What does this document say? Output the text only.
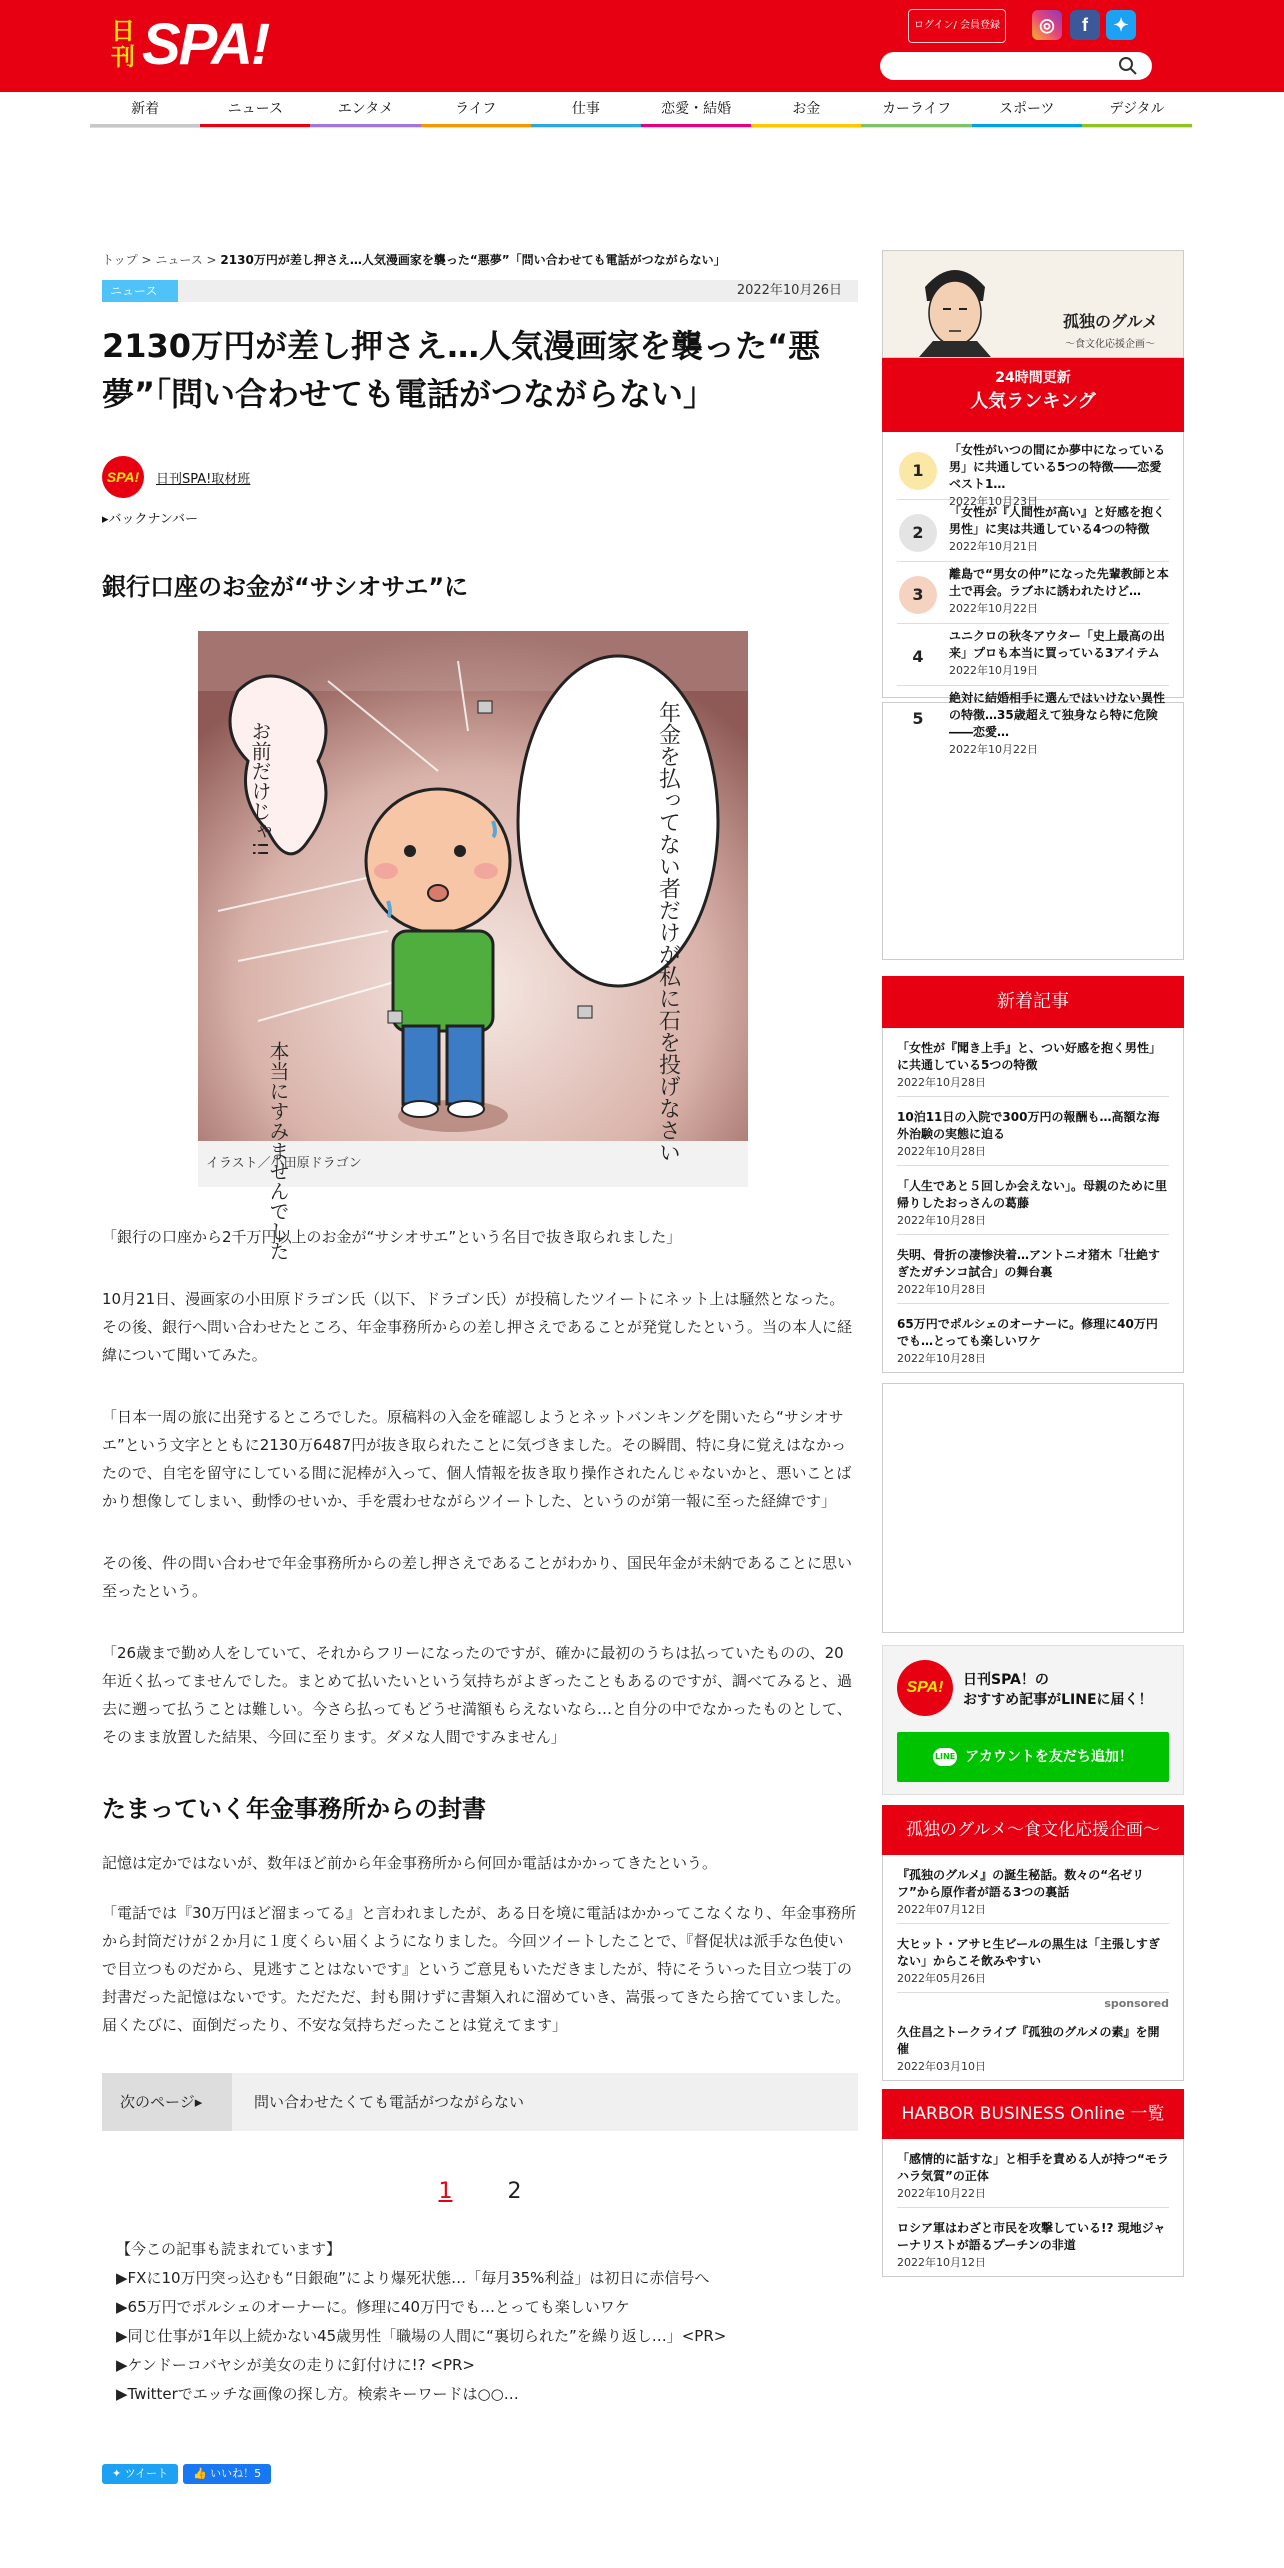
日刊 SPA!	ログイン/ 会員登録	◎	f	✦
新着	ニュース	エンタメ	ライフ	仕事	恋愛・結婚	お金	カーライフ	スポーツ	デジタル
トップ > ニュース > 2130万円が差し押さえ…人気漫画家を襲った“悪夢”「問い合わせても電話がつながらない」
ニュース	2022年10月26日
2130万円が差し押さえ…人気漫画家を襲った“悪夢”「問い合わせても電話がつながらない」
SPA!	日刊SPA!取材班
▸バックナンバー
銀行口座のお金が“サシオサエ”に
お前だけじゃ!!	年金を払ってない者だけが私に石を投げなさい
本当にすみませんでした
イラスト／小田原ドラゴン

「銀行の口座から2千万円以上のお金が“サシオサエ”という名目で抜き取られました」

10月21日、漫画家の小田原ドラゴン氏（以下、ドラゴン氏）が投稿したツイートにネット上は騒然となった。その後、銀行へ問い合わせたところ、年金事務所からの差し押さえであることが発覚したという。当の本人に経緯について聞いてみた。

「日本一周の旅に出発するところでした。原稿料の入金を確認しようとネットバンキングを開いたら“サシオサエ”という文字とともに2130万6487円が抜き取られたことに気づきました。その瞬間、特に身に覚えはなかったので、自宅を留守にしている間に泥棒が入って、個人情報を抜き取り操作されたんじゃないかと、悪いことばかり想像してしまい、動悸のせいか、手を震わせながらツイートした、というのが第一報に至った経緯です」

その後、件の問い合わせで年金事務所からの差し押さえであることがわかり、国民年金が未納であることに思い至ったという。

「26歳まで勤め人をしていて、それからフリーになったのですが、確かに最初のうちは払っていたものの、20年近く払ってませんでした。まとめて払いたいという気持ちがよぎったこともあるのですが、調べてみると、過去に遡って払うことは難しい。今さら払ってもどうせ満額もらえないなら…と自分の中でなかったものとして、そのまま放置した結果、今回に至ります。ダメな人間ですみません」

たまっていく年金事務所からの封書

記憶は定かではないが、数年ほど前から年金事務所から何回か電話はかかってきたという。

「電話では『30万円ほど溜まってる』と言われましたが、ある日を境に電話はかかってこなくなり、年金事務所から封筒だけが２か月に１度くらい届くようになりました。今回ツイートしたことで、『督促状は派手な色使いで目立つものだから、見逃すことはないです』というご意見もいただきましたが、特にそういった目立つ装丁の封書だった記憶はないです。ただただ、封も開けずに書類入れに溜めていき、嵩張ってきたら捨てていました。届くたびに、面倒だったり、不安な気持ちだったことは覚えてます」

次のページ▸	問い合わせたくても電話がつながらない
1	2
【今この記事も読まれています】
▶FXに10万円突っ込むも“日銀砲”により爆死状態…「毎月35%利益」は初日に赤信号へ
▶65万円でポルシェのオーナーに。修理に40万円でも…とっても楽しいワケ
▶同じ仕事が1年以上続かない45歳男性「職場の人間に“裏切られた”を繰り返し…」<PR>
▶ケンドーコバヤシが美女の走りに釘付けに!? <PR>
▶Twitterでエッチな画像の探し方。検索キーワードは○○…
✦ ツイート 👍 いいね！5
孤独のグルメ
～食文化応援企画～
24時間更新
人気ランキング
1
「女性がいつの間にか夢中になっている男」に共通している5つの特徴――恋愛ベスト1…
2022年10月23日
2
「女性が『人間性が高い』と好感を抱く男性」に実は共通している4つの特徴
2022年10月21日
3
離島で“男女の仲”になった先輩教師と本土で再会。ラブホに誘われたけど…
2022年10月22日
4
ユニクロの秋冬アウター「史上最高の出来」プロも本当に買っている3アイテム
2022年10月19日
5
絶対に結婚相手に選んではいけない異性の特徴…35歳超えて独身なら特に危険――恋愛…
2022年10月22日
新着記事
「女性が『聞き上手』と、つい好感を抱く男性」に共通している5つの特徴
2022年10月28日
10泊11日の入院で300万円の報酬も…高額な海外治験の実態に迫る
2022年10月28日
「人生であと５回しか会えない」。母親のために里帰りしたおっさんの葛藤
2022年10月28日
失明、骨折の凄惨決着…アントニオ猪木「壮絶すぎたガチンコ試合」の舞台裏
2022年10月28日
65万円でポルシェのオーナーに。修理に40万円でも…とっても楽しいワケ
2022年10月28日
SPA!	日刊SPA！の
おすすめ記事がLINEに届く！
LINE アカウントを友だち追加！
孤独のグルメ～食文化応援企画～
『孤独のグルメ』の誕生秘話。数々の“名ゼリフ”から原作者が語る3つの裏話
2022年07月12日
大ヒット・アサヒ生ビールの黒生は「主張しすぎない」からこそ飲みやすい
2022年05月26日
sponsored
久住昌之トークライブ『孤独のグルメの素』を開催
2022年03月10日
HARBOR BUSINESS Online 一覧
「感情的に話すな」と相手を責める人が持つ“モラハラ気質”の正体
2022年10月22日
ロシア軍はわざと市民を攻撃している!? 現地ジャーナリストが語るプーチンの非道
2022年10月12日
